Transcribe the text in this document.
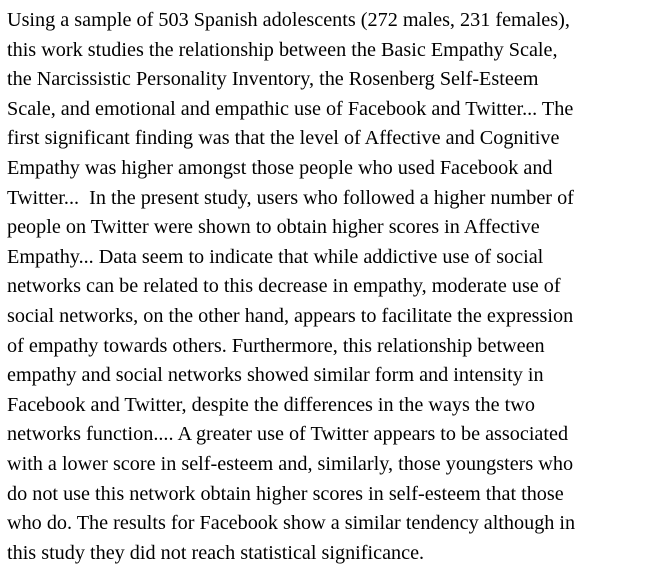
Using a sample of 503 Spanish adolescents (272 males, 231 females),
this work studies the relationship between the Basic Empathy Scale,
the Narcissistic Personality Inventory, the Rosenberg Self-Esteem
Scale, and emotional and empathic use of Facebook and Twitter... The
first significant finding was that the level of Affective and Cognitive
Empathy was higher amongst those people who used Facebook and
Twitter...  In the present study, users who followed a higher number of
people on Twitter were shown to obtain higher scores in Affective
Empathy... Data seem to indicate that while addictive use of social
networks can be related to this decrease in empathy, moderate use of
social networks, on the other hand, appears to facilitate the expression
of empathy towards others. Furthermore, this relationship between
empathy and social networks showed similar form and intensity in
Facebook and Twitter, despite the differences in the ways the two
networks function.... A greater use of Twitter appears to be associated
with a lower score in self-esteem and, similarly, those youngsters who
do not use this network obtain higher scores in self-esteem that those
who do. The results for Facebook show a similar tendency although in
this study they did not reach statistical significance.
